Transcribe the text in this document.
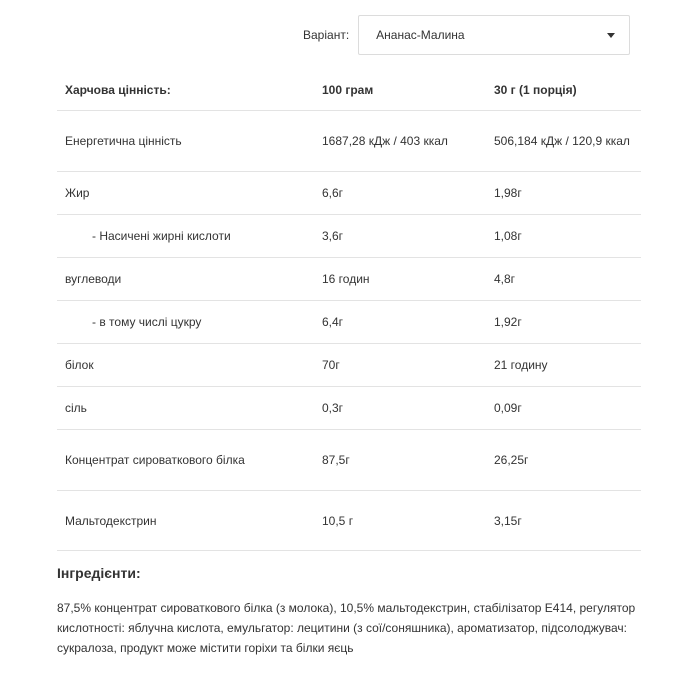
Варіант: Ананас-Малина
Харчова цінність:	100 грам	30 г (1 порція)
Енергетична цінність	1687,28 кДж / 403 ккал	506,184 кДж / 120,9 ккал
Жир	6,6г	1,98г
- Насичені жирні кислоти	3,6г	1,08г
вуглеводи	16 годин	4,8г
- в тому числі цукру	6,4г	1,92г
білок	70г	21 годину
сіль	0,3г	0,09г
Концентрат сироваткового білка	87,5г	26,25г
Мальтодекстрин	10,5 г	3,15г
Інгредієнти:

87,5% концентрат сироваткового білка (з молока), 10,5% мальтодекстрин, стабілізатор Е414, регулятор кислотності: яблучна кислота, емульгатор: лецитини (з сої/соняшника), ароматизатор, підсолоджувач: сукралоза, продукт може містити горіхи та білки яєць
